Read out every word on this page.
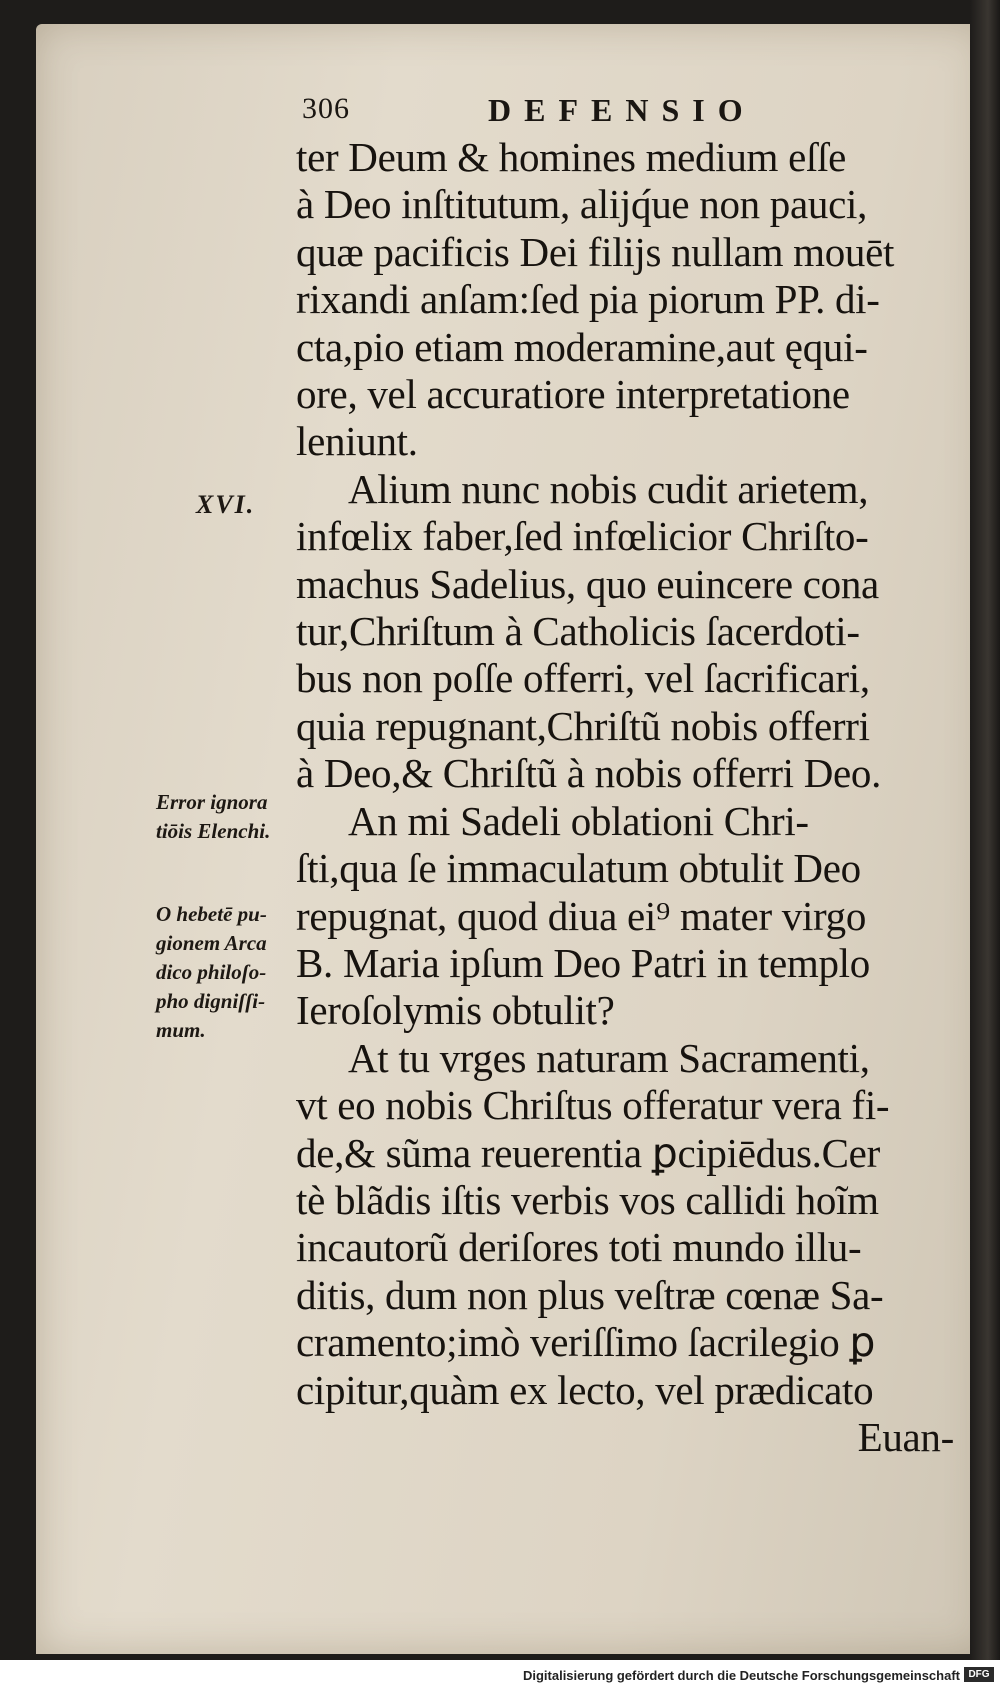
306	DEFENSIO
ter Deum & homines medium eſſe
à Deo inſtitutum, alijq́ue non pauci,
quæ pacificis Dei filijs nullam mouēt
rixandi anſam:ſed pia piorum PP. di-
cta,pio etiam moderamine,aut ęqui-
ore, vel accuratiore interpretatione
leniunt.
Alium nunc nobis cudit arietem,
infœlix faber,ſed infœlicior Chriſto-
machus Sadelius, quo euincere cona
tur,Chriſtum à Catholicis ſacerdoti-
bus non poſſe offerri, vel ſacrificari,
quia repugnant,Chriſtũ nobis offerri
à Deo,& Chriſtũ à nobis offerri Deo.
An mi Sadeli oblationi Chri-
ſti,qua ſe immaculatum obtulit Deo
repugnat, quod diua ei⁹ mater virgo
B. Maria ipſum Deo Patri in templo
Ieroſolymis obtulit?
At tu vrges naturam Sacramenti,
vt eo nobis Chriſtus offeratur vera fi-
de,& sũma reuerentia ꝑcipiēdus.Cer
tè blãdis iſtis verbis vos callidi hoĩm
incautorũ deriſores toti mundo illu-
ditis, dum non plus veſtræ cœnæ Sa-
cramento;imò veriſſimo ſacrilegio ꝑ
cipitur,quàm ex lecto, vel prædicato
Euan-
XVI.
Error ignora
tiōis Elenchi.
O hebetē pu-
gionem Arca
dico philoſo-
pho digniſſi-
mum.
Digitalisierung gefördert durch die Deutsche Forschungsgemeinschaft DFG
